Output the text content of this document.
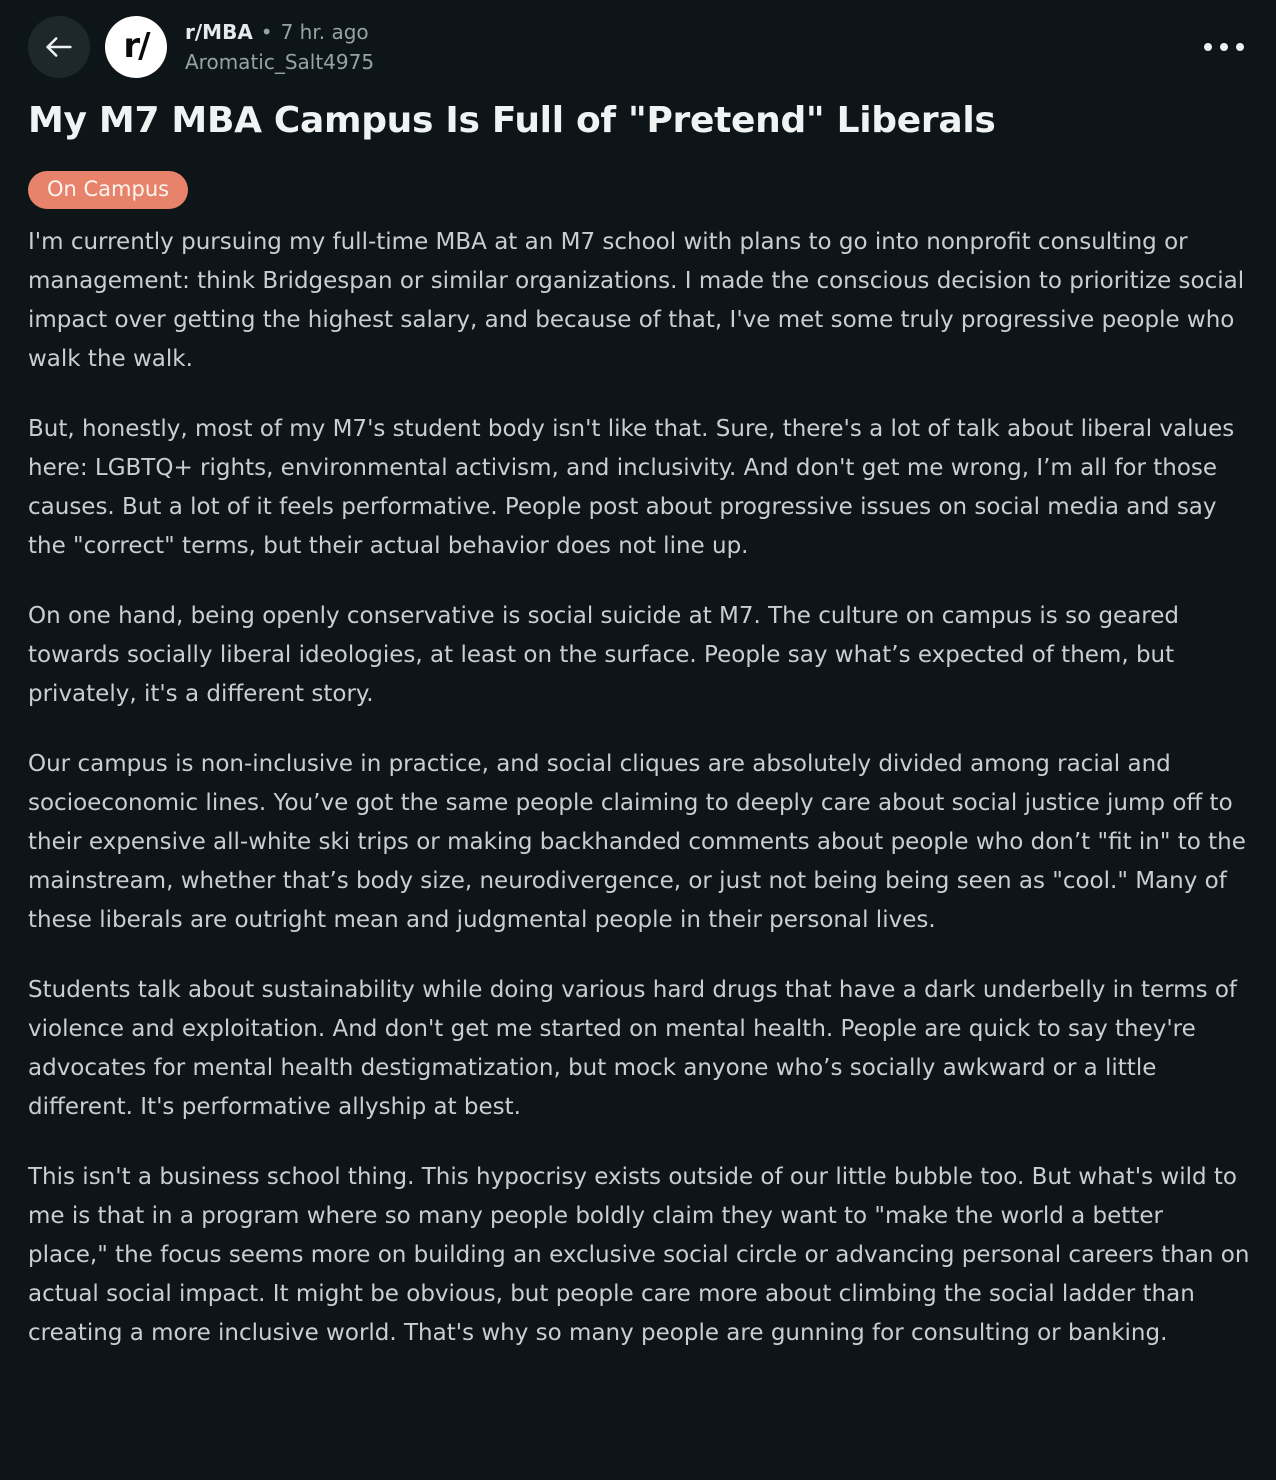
r/ r/MBA • 7 hr. ago
Aromatic_Salt4975
My M7 MBA Campus Is Full of "Pretend" Liberals
On Campus

I'm currently pursuing my full-time MBA at an M7 school with plans to go into nonprofit consulting or management: think Bridgespan or similar organizations. I made the conscious decision to prioritize social impact over getting the highest salary, and because of that, I've met some truly progressive people who walk the walk.

But, honestly, most of my M7's student body isn't like that. Sure, there's a lot of talk about liberal values here: LGBTQ+ rights, environmental activism, and inclusivity. And don't get me wrong, I’m all for those causes. But a lot of it feels performative. People post about progressive issues on social media and say the "correct" terms, but their actual behavior does not line up.

On one hand, being openly conservative is social suicide at M7. The culture on campus is so geared towards socially liberal ideologies, at least on the surface. People say what’s expected of them, but privately, it's a different story.

Our campus is non-inclusive in practice, and social cliques are absolutely divided among racial and socioeconomic lines. You’ve got the same people claiming to deeply care about social justice jump off to their expensive all-white ski trips or making backhanded comments about people who don’t "fit in" to the mainstream, whether that’s body size, neurodivergence, or just not being being seen as "cool." Many of these liberals are outright mean and judgmental people in their personal lives.

Students talk about sustainability while doing various hard drugs that have a dark underbelly in terms of violence and exploitation. And don't get me started on mental health. People are quick to say they're advocates for mental health destigmatization, but mock anyone who’s socially awkward or a little different. It's performative allyship at best.

This isn't a business school thing. This hypocrisy exists outside of our little bubble too. But what's wild to me is that in a program where so many people boldly claim they want to "make the world a better place," the focus seems more on building an exclusive social circle or advancing personal careers than on actual social impact. It might be obvious, but people care more about climbing the social ladder than creating a more inclusive world. That's why so many people are gunning for consulting or banking.
